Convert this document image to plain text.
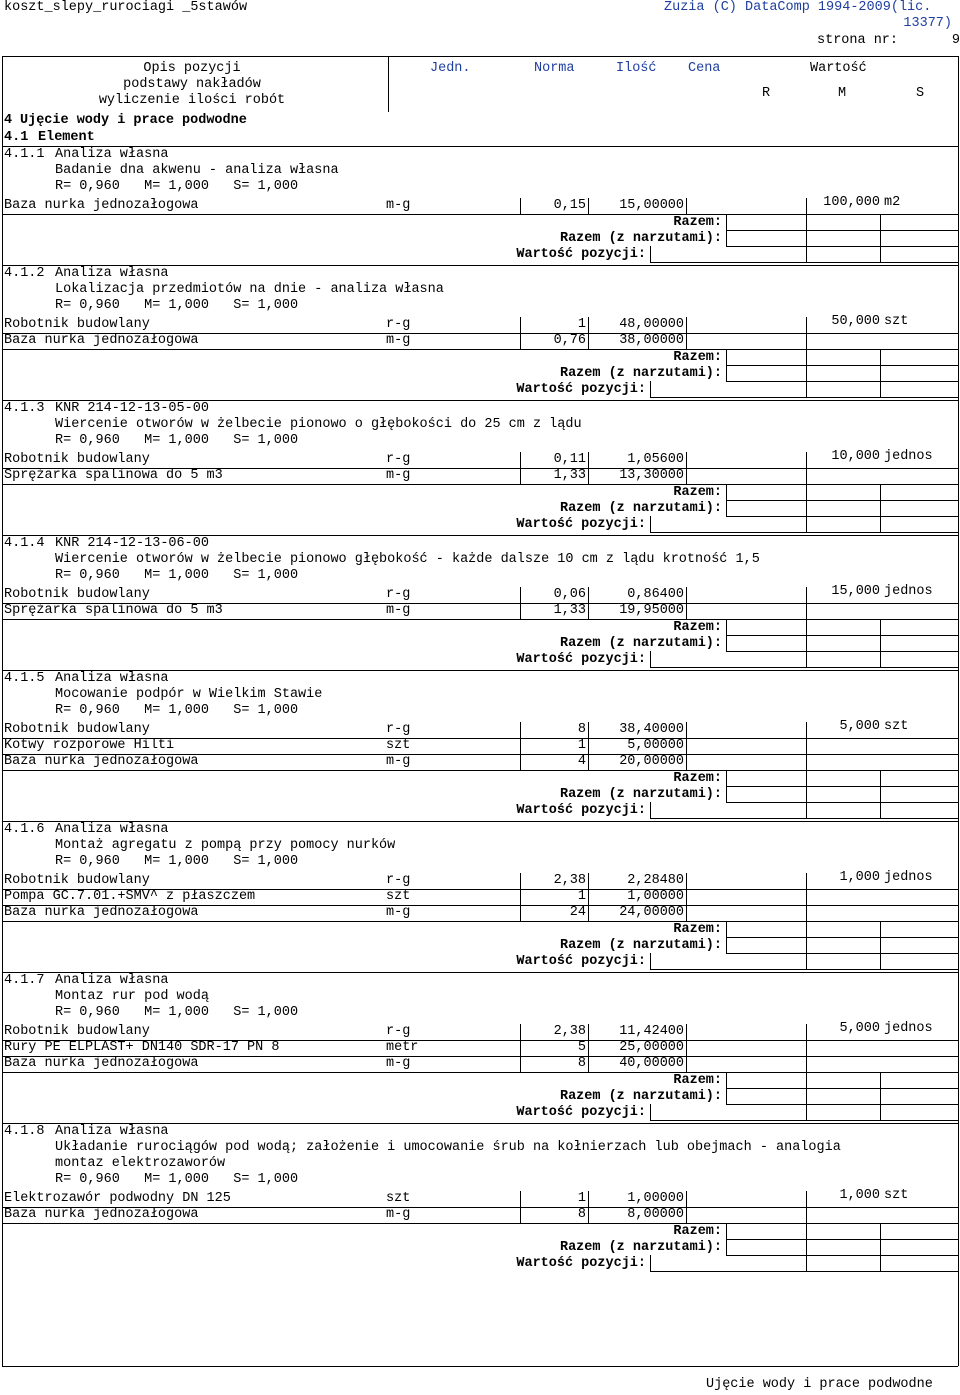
koszt_slepy_rurociagi _5stawów	Zuzia (C) DataComp 1994-2009(lic.
13377)
strona nr:	9
Opis pozycji
podstawy nakładów
wyliczenie ilości robót
Jedn.	Norma	Ilość Cena	Wartość
R	M	S
4 Ujęcie wody i prace podwodne
4.1 Element
4.1.1 Analiza własna
Badanie dna akwenu - analiza własna
R= 0,960   M= 1,000   S= 1,000
100,000 m2
Baza nurka jednozałogowa	m-g	0,15	15,00000
Razem:
Razem (z narzutami):
Wartość pozycji:
4.1.2 Analiza własna
Lokalizacja przedmiotów na dnie - analiza własna
R= 0,960   M= 1,000   S= 1,000
50,000 szt
Robotnik budowlany	r-g	1	48,00000
Baza nurka jednozałogowa	m-g	0,76	38,00000
Razem:
Razem (z narzutami):
Wartość pozycji:
4.1.3 KNR 214-12-13-05-00
Wiercenie otworów w żelbecie pionowo o głębokości do 25 cm z lądu
R= 0,960   M= 1,000   S= 1,000
10,000 jednos
Robotnik budowlany	r-g	0,11	1,05600
Sprężarka spalinowa do 5 m3	m-g	1,33	13,30000
Razem:
Razem (z narzutami):
Wartość pozycji:
4.1.4 KNR 214-12-13-06-00
Wiercenie otworów w żelbecie pionowo głębokość - każde dalsze 10 cm z lądu krotność 1,5
R= 0,960   M= 1,000   S= 1,000
15,000 jednos
Robotnik budowlany	r-g	0,06	0,86400
Sprężarka spalinowa do 5 m3	m-g	1,33	19,95000
Razem:
Razem (z narzutami):
Wartość pozycji:
4.1.5 Analiza własna
Mocowanie podpór w Wielkim Stawie
R= 0,960   M= 1,000   S= 1,000
5,000 szt
Robotnik budowlany	r-g	8	38,40000
Kotwy rozporowe Hilti	szt	1	5,00000
Baza nurka jednozałogowa	m-g	4	20,00000
Razem:
Razem (z narzutami):
Wartość pozycji:
4.1.6 Analiza własna
Montaż agregatu z pompą przy pomocy nurków
R= 0,960   M= 1,000   S= 1,000
1,000 jednos
Robotnik budowlany	r-g	2,38	2,28480
Pompa GC.7.01.+SMV^ z płaszczem	szt	1	1,00000
Baza nurka jednozałogowa	m-g	24	24,00000
Razem:
Razem (z narzutami):
Wartość pozycji:
4.1.7 Analiza własna
Montaz rur pod wodą
R= 0,960   M= 1,000   S= 1,000
5,000 jednos
Robotnik budowlany	r-g	2,38	11,42400
Rury PE ELPLAST+ DN140 SDR-17 PN 8	metr	5	25,00000
Baza nurka jednozałogowa	m-g	8	40,00000
Razem:
Razem (z narzutami):
Wartość pozycji:
4.1.8 Analiza własna
Układanie rurociągów pod wodą; założenie i umocowanie śrub na kołnierzach lub obejmach - analogia
montaz elektrozaworów
R= 0,960   M= 1,000   S= 1,000
1,000 szt
Elektrozawór podwodny DN 125	szt	1	1,00000
Baza nurka jednozałogowa	m-g	8	8,00000
Razem:
Razem (z narzutami):
Wartość pozycji:
Ujęcie wody i prace podwodne
